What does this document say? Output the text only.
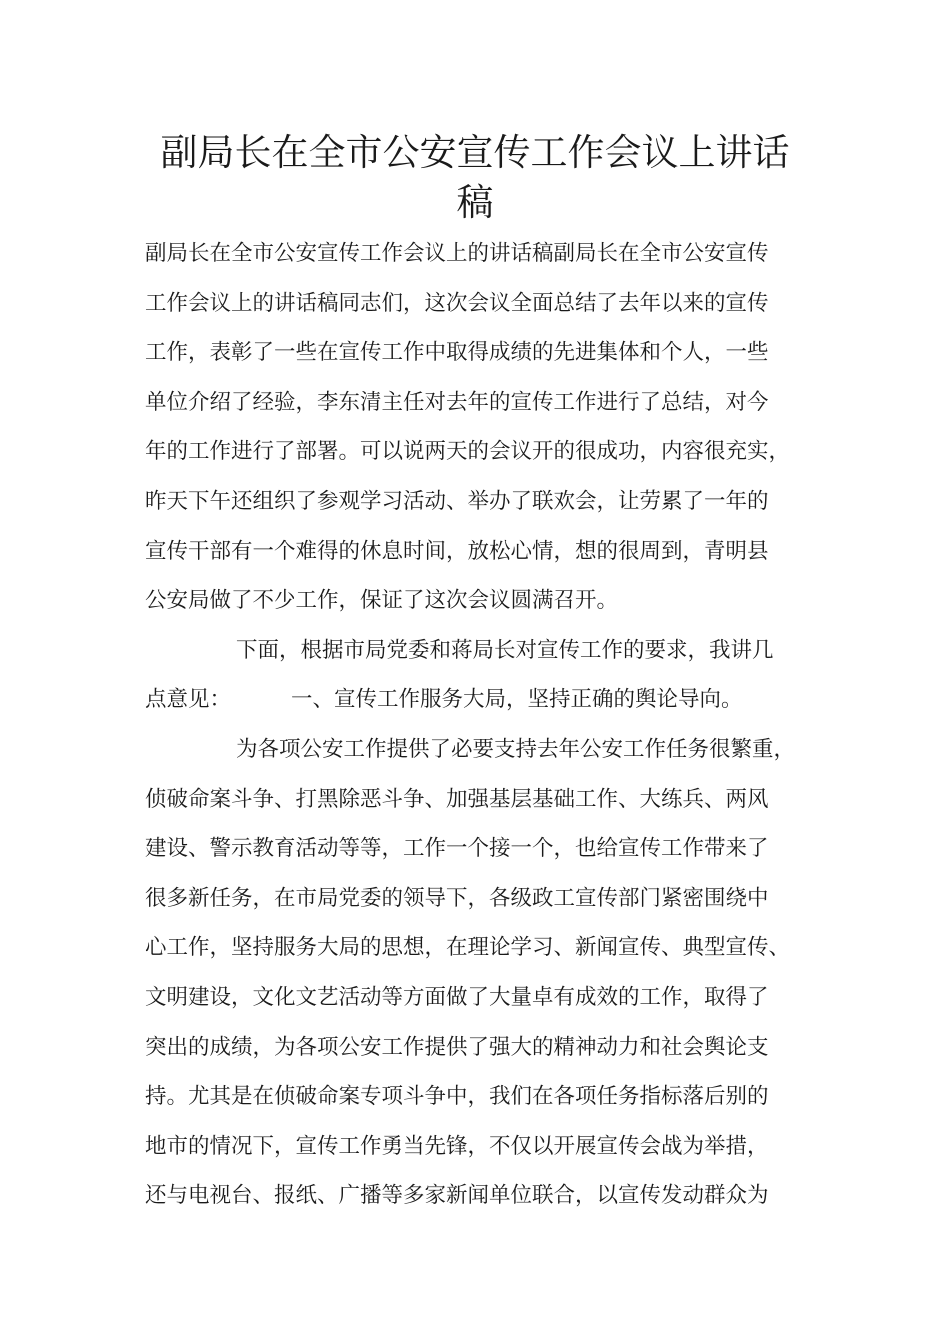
副局长在全市公安宣传工作会议上讲话
稿
副局长在全市公安宣传工作会议上的讲话稿副局长在全市公安宣传
工作会议上的讲话稿同志们，这次会议全面总结了去年以来的宣传
工作，表彰了一些在宣传工作中取得成绩的先进集体和个人，一些
单位介绍了经验，李东清主任对去年的宣传工作进行了总结，对今
年的工作进行了部署。可以说两天的会议开的很成功，内容很充实，
昨天下午还组织了参观学习活动、举办了联欢会，让劳累了一年的
宣传干部有一个难得的休息时间，放松心情，想的很周到，青明县
公安局做了不少工作，保证了这次会议圆满召开。
下面，根据市局党委和蒋局长对宣传工作的要求，我讲几
点意见：	一、宣传工作服务大局，坚持正确的舆论导向。
为各项公安工作提供了必要支持去年公安工作任务很繁重，
侦破命案斗争、打黑除恶斗争、加强基层基础工作、大练兵、两风
建设、警示教育活动等等，工作一个接一个，也给宣传工作带来了
很多新任务，在市局党委的领导下，各级政工宣传部门紧密围绕中
心工作，坚持服务大局的思想，在理论学习、新闻宣传、典型宣传、
文明建设，文化文艺活动等方面做了大量卓有成效的工作，取得了
突出的成绩，为各项公安工作提供了强大的精神动力和社会舆论支
持。尤其是在侦破命案专项斗争中，我们在各项任务指标落后别的
地市的情况下，宣传工作勇当先锋，不仅以开展宣传会战为举措，
还与电视台、报纸、广播等多家新闻单位联合，以宣传发动群众为
